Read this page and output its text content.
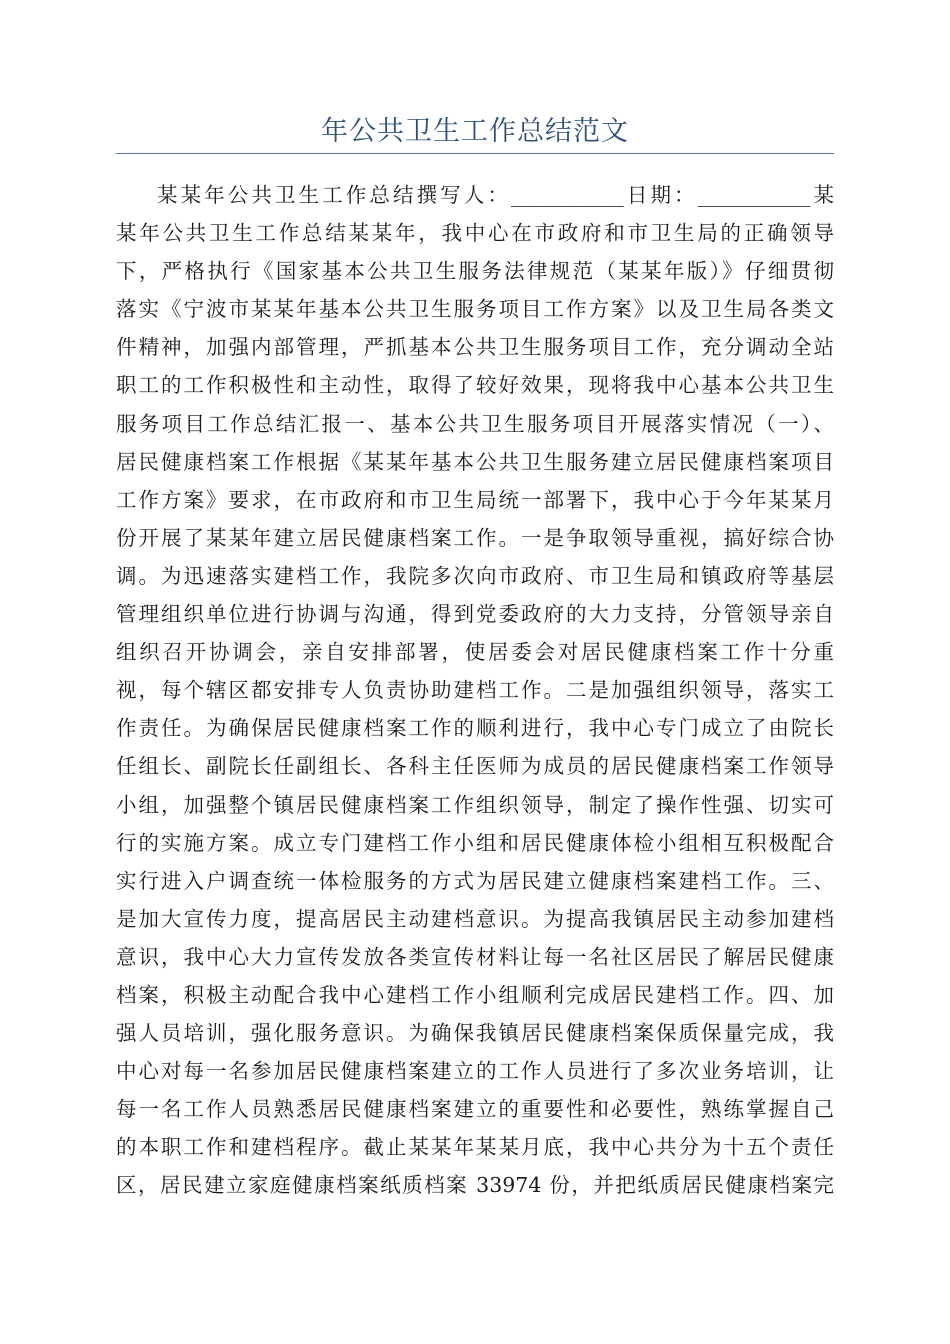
年公共卫生工作总结范文
某某年公共卫生工作总结撰写人：___________日期：___________某
某年公共卫生工作总结某某年，我中心在市政府和市卫生局的正确领导
下，严格执行《国家基本公共卫生服务法律规范（某某年版）》仔细贯彻
落实《宁波市某某年基本公共卫生服务项目工作方案》以及卫生局各类文
件精神，加强内部管理，严抓基本公共卫生服务项目工作，充分调动全站
职工的工作积极性和主动性，取得了较好效果，现将我中心基本公共卫生
服务项目工作总结汇报一、基本公共卫生服务项目开展落实情况（一）、
居民健康档案工作根据《某某年基本公共卫生服务建立居民健康档案项目
工作方案》要求，在市政府和市卫生局统一部署下，我中心于今年某某月
份开展了某某年建立居民健康档案工作。一是争取领导重视，搞好综合协
调。为迅速落实建档工作，我院多次向市政府、市卫生局和镇政府等基层
管理组织单位进行协调与沟通，得到党委政府的大力支持，分管领导亲自
组织召开协调会，亲自安排部署，使居委会对居民健康档案工作十分重
视，每个辖区都安排专人负责协助建档工作。二是加强组织领导，落实工
作责任。为确保居民健康档案工作的顺利进行，我中心专门成立了由院长
任组长、副院长任副组长、各科主任医师为成员的居民健康档案工作领导
小组，加强整个镇居民健康档案工作组织领导，制定了操作性强、切实可
行的实施方案。成立专门建档工作小组和居民健康体检小组相互积极配合
实行进入户调查统一体检服务的方式为居民建立健康档案建档工作。三、
是加大宣传力度，提高居民主动建档意识。为提高我镇居民主动参加建档
意识，我中心大力宣传发放各类宣传材料让每一名社区居民了解居民健康
档案，积极主动配合我中心建档工作小组顺利完成居民建档工作。四、加
强人员培训，强化服务意识。为确保我镇居民健康档案保质保量完成，我
中心对每一名参加居民健康档案建立的工作人员进行了多次业务培训，让
每一名工作人员熟悉居民健康档案建立的重要性和必要性，熟练掌握自己
的本职工作和建档程序。截止某某年某某月底，我中心共分为十五个责任
区，居民建立家庭健康档案纸质档案 33974 份，并把纸质居民健康档案完
